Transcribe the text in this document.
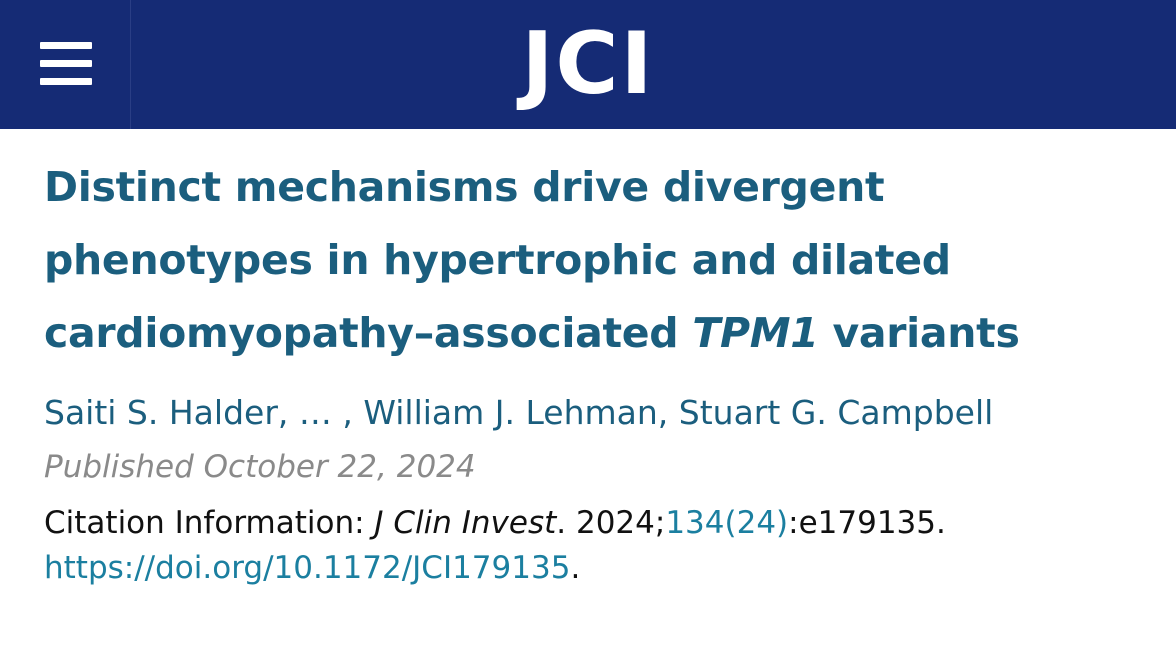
JCI
Distinct mechanisms drive divergent phenotypes in hypertrophic and dilated cardiomyopathy–associated TPM1 variants
Saiti S. Halder, … , William J. Lehman, Stuart G. Campbell
Published October 22, 2024
Citation Information: J Clin Invest. 2024;134(24):e179135.
https://doi.org/10.1172/JCI179135.
